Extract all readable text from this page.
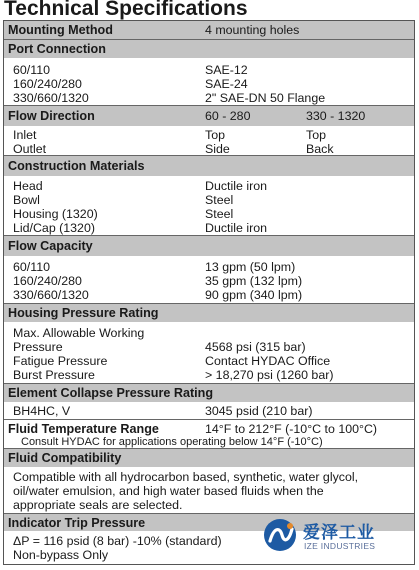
Technical Specifications
Mounting Method	4 mounting holes
Port Connection
60/110	SAE-12
160/240/280	SAE-24
330/660/1320	2" SAE-DN 50 Flange
Flow Direction	60 - 280	330 - 1320
Inlet	Top	Top
Outlet	Side	Back
Construction Materials
Head	Ductile iron
Bowl	Steel
Housing (1320)	Steel
Lid/Cap (1320)	Ductile iron
Flow Capacity
60/110	13 gpm (50 lpm)
160/240/280	35 gpm (132 lpm)
330/660/1320	90 gpm (340 lpm)
Housing Pressure Rating
Max. Allowable Working
Pressure	4568 psi (315 bar)
Fatigue Pressure	Contact HYDAC Office
Burst Pressure	> 18,270 psi (1260 bar)
Element Collapse Pressure Rating
BH4HC, V	3045 psid (210 bar)
Fluid Temperature Range	14°F to 212°F (-10°C to 100°C)
Consult HYDAC for applications operating below 14°F (-10°C)
Fluid Compatibility
Compatible with all hydrocarbon based, synthetic, water glycol,
oil/water emulsion, and high water based fluids when the
appropriate seals are selected.
Indicator Trip Pressure
ΔP = 116 psid (8 bar) -10% (standard)
Non-bypass Only
爱泽工业
IZE INDUSTRIES
